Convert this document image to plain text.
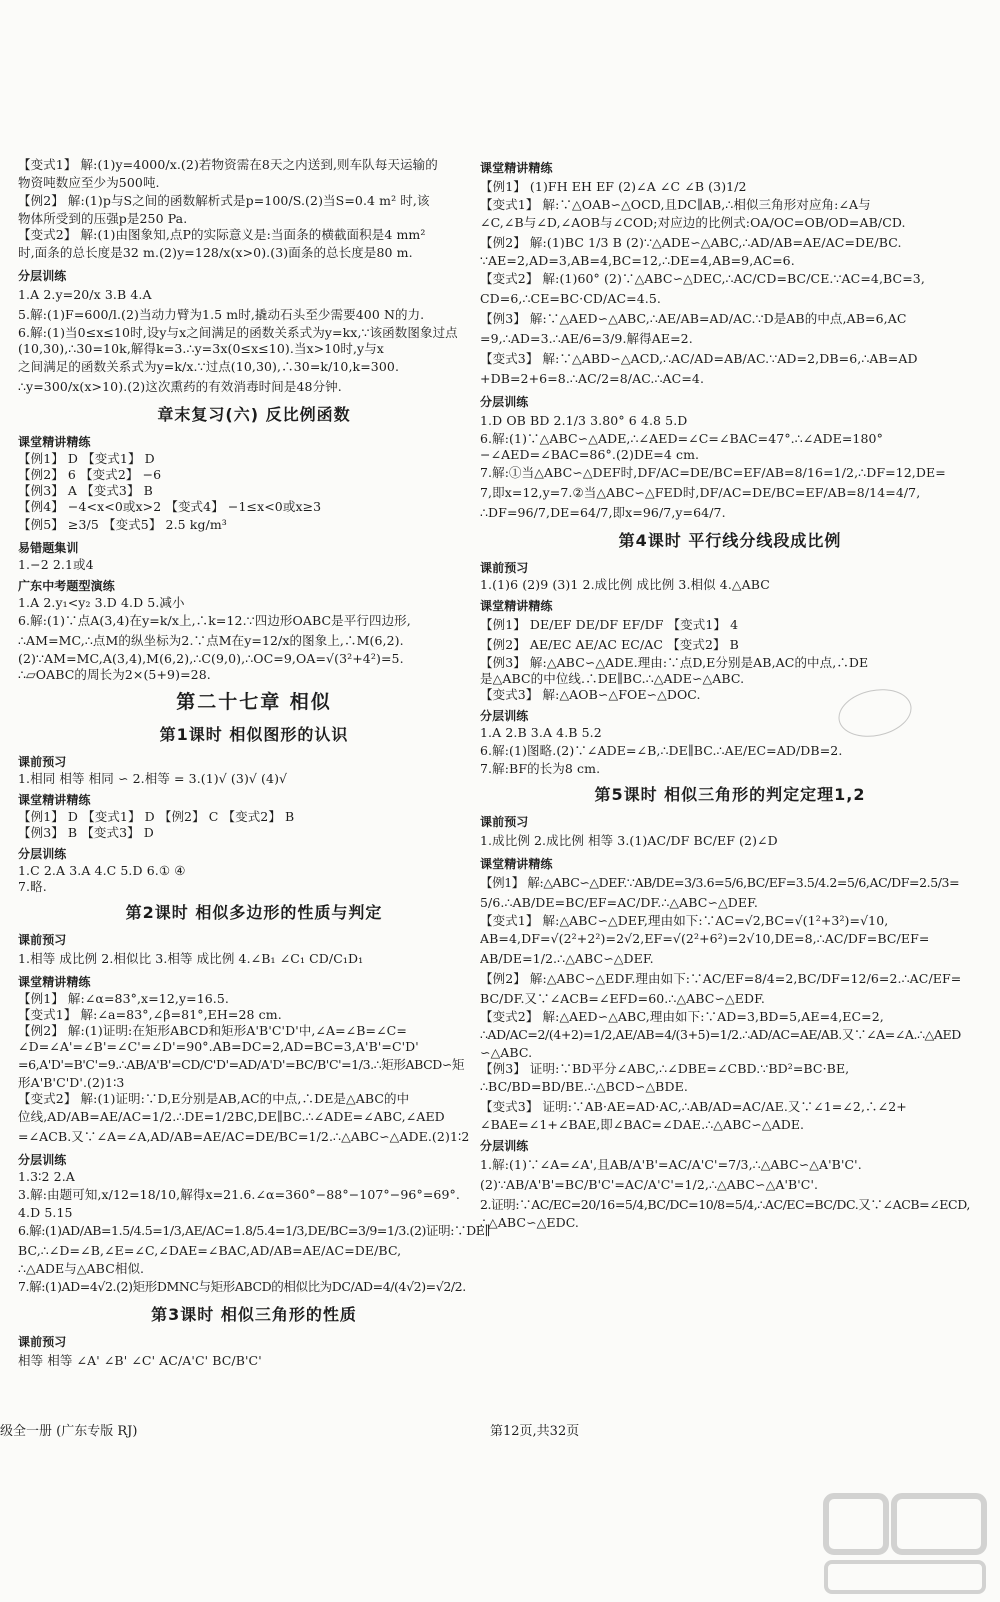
【变式1】 解:(1)y=4000/x.(2)若物资需在8天之内送到,则车队每天运输的
物资吨数应至少为500吨.
【例2】 解:(1)p与S之间的函数解析式是p=100/S.(2)当S=0.4 m² 时,该
物体所受到的压强p是250 Pa.
【变式2】 解:(1)由图象知,点P的实际意义是:当面条的横截面积是4 mm²
时,面条的总长度是32 m.(2)y=128/x(x>0).(3)面条的总长度是80 m.
分层训练
1.A 2.y=20/x 3.B 4.A
5.解:(1)F=600/l.(2)当动力臂为1.5 m时,撬动石头至少需要400 N的力.
6.解:(1)当0≤x≤10时,设y与x之间满足的函数关系式为y=kx,∵该函数图象过点
(10,30),∴30=10k,解得k=3.∴y=3x(0≤x≤10).当x>10时,y与x
之间满足的函数关系式为y=k/x.∵过点(10,30),∴30=k/10,k=300.
∴y=300/x(x>10).(2)这次熏药的有效消毒时间是48分钟.
章末复习(六) 反比例函数
课堂精讲精练
【例1】 D 【变式1】 D
【例2】 6 【变式2】 −6
【例3】 A 【变式3】 B
【例4】 −4<x<0或x>2 【变式4】 −1≤x<0或x≥3
【例5】 ≥3/5 【变式5】 2.5 kg/m³
易错题集训
1.−2 2.1或4
广东中考题型演练
1.A 2.y₁<y₂ 3.D 4.D 5.减小
6.解:(1)∵点A(3,4)在y=k/x上,∴k=12.∵四边形OABC是平行四边形,
∴AM=MC,∴点M的纵坐标为2.∵点M在y=12/x的图象上,∴M(6,2).
(2)∵AM=MC,A(3,4),M(6,2),∴C(9,0),∴OC=9,OA=√(3²+4²)=5.
∴▱OABC的周长为2×(5+9)=28.
第二十七章 相似
第1课时 相似图形的认识
课前预习
1.相同 相等 相同 ∽ 2.相等 = 3.(1)√ (3)√ (4)√
课堂精讲精练
【例1】 D 【变式1】 D 【例2】 C 【变式2】 B
【例3】 B 【变式3】 D
分层训练
1.C 2.A 3.A 4.C 5.D 6.① ④
7.略.
第2课时 相似多边形的性质与判定
课前预习
1.相等 成比例 2.相似比 3.相等 成比例 4.∠B₁ ∠C₁ CD/C₁D₁
课堂精讲精练
【例1】 解:∠α=83°,x=12,y=16.5.
【变式1】 解:∠a=83°,∠β=81°,EH=28 cm.
【例2】 解:(1)证明:在矩形ABCD和矩形A'B'C'D'中,∠A=∠B=∠C=
∠D=∠A'=∠B'=∠C'=∠D'=90°.AB=DC=2,AD=BC=3,A'B'=C'D'
=6,A'D'=B'C'=9.∴AB/A'B'=CD/C'D'=AD/A'D'=BC/B'C'=1/3.∴矩形ABCD∽矩
形A'B'C'D'.(2)1∶3
【变式2】 解:(1)证明:∵D,E分别是AB,AC的中点,∴DE是△ABC的中
位线,AD/AB=AE/AC=1/2.∴DE=1/2BC,DE∥BC.∴∠ADE=∠ABC,∠AED
=∠ACB.又∵∠A=∠A,AD/AB=AE/AC=DE/BC=1/2.∴△ABC∽△ADE.(2)1∶2
分层训练
1.3∶2 2.A
3.解:由题可知,x/12=18/10,解得x=21.6.∠α=360°−88°−107°−96°=69°.
4.D 5.15
6.解:(1)AD/AB=1.5/4.5=1/3,AE/AC=1.8/5.4=1/3,DE/BC=3/9=1/3.(2)证明:∵DE∥
BC,∴∠D=∠B,∠E=∠C,∠DAE=∠BAC,AD/AB=AE/AC=DE/BC,
∴△ADE与△ABC相似.
7.解:(1)AD=4√2.(2)矩形DMNC与矩形ABCD的相似比为DC/AD=4/(4√2)=√2/2.
第3课时 相似三角形的性质
课前预习
相等 相等 ∠A' ∠B' ∠C' AC/A'C' BC/B'C'
课堂精讲精练
【例1】 (1)FH EH EF (2)∠A ∠C ∠B (3)1/2
【变式1】 解:∵△OAB∽△OCD,且DC∥AB,∴相似三角形对应角:∠A与
∠C,∠B与∠D,∠AOB与∠COD;对应边的比例式:OA/OC=OB/OD=AB/CD.
【例2】 解:(1)BC 1/3 B (2)∵△ADE∽△ABC,∴AD/AB=AE/AC=DE/BC.
∵AE=2,AD=3,AB=4,BC=12,∴DE=4,AB=9,AC=6.
【变式2】 解:(1)60° (2)∵△ABC∽△DEC,∴AC/CD=BC/CE.∵AC=4,BC=3,
CD=6,∴CE=BC·CD/AC=4.5.
【例3】 解:∵△AED∽△ABC,∴AE/AB=AD/AC.∵D是AB的中点,AB=6,AC
=9,∴AD=3.∴AE/6=3/9.解得AE=2.
【变式3】 解:∵△ABD∽△ACD,∴AC/AD=AB/AC.∵AD=2,DB=6,∴AB=AD
+DB=2+6=8.∴AC/2=8/AC.∴AC=4.
分层训练
1.D OB BD 2.1/3 3.80° 6 4.8 5.D
6.解:(1)∵△ABC∽△ADE,∴∠AED=∠C=∠BAC=47°.∴∠ADE=180°
−∠AED=∠BAC=86°.(2)DE=4 cm.
7.解:①当△ABC∽△DEF时,DF/AC=DE/BC=EF/AB=8/16=1/2,∴DF=12,DE=
7,即x=12,y=7.②当△ABC∽△FED时,DF/AC=DE/BC=EF/AB=8/14=4/7,
∴DF=96/7,DE=64/7,即x=96/7,y=64/7.
第4课时 平行线分线段成比例
课前预习
1.(1)6 (2)9 (3)1 2.成比例 成比例 3.相似 4.△ABC
课堂精讲精练
【例1】 DE/EF DE/DF EF/DF 【变式1】 4
【例2】 AE/EC AE/AC EC/AC 【变式2】 B
【例3】 解:△ABC∽△ADE.理由:∵点D,E分别是AB,AC的中点,∴DE
是△ABC的中位线.∴DE∥BC.∴△ADE∽△ABC.
【变式3】 解:△AOB∽△FOE∽△DOC.
分层训练
1.A 2.B 3.A 4.B 5.2
6.解:(1)图略.(2)∵∠ADE=∠B,∴DE∥BC.∴AE/EC=AD/DB=2.
7.解:BF的长为8 cm.
第5课时 相似三角形的判定定理1,2
课前预习
1.成比例 2.成比例 相等 3.(1)AC/DF BC/EF (2)∠D
课堂精讲精练
【例1】 解:△ABC∽△DEF.∵AB/DE=3/3.6=5/6,BC/EF=3.5/4.2=5/6,AC/DF=2.5/3=
5/6.∴AB/DE=BC/EF=AC/DF.∴△ABC∽△DEF.
【变式1】 解:△ABC∽△DEF,理由如下:∵AC=√2,BC=√(1²+3²)=√10,
AB=4,DF=√(2²+2²)=2√2,EF=√(2²+6²)=2√10,DE=8,∴AC/DF=BC/EF=
AB/DE=1/2.∴△ABC∽△DEF.
【例2】 解:△ABC∽△EDF.理由如下:∵AC/EF=8/4=2,BC/DF=12/6=2.∴AC/EF=
BC/DF.又∵∠ACB=∠EFD=60.∴△ABC∽△EDF.
【变式2】 解:△AED∽△ABC,理由如下:∵AD=3,BD=5,AE=4,EC=2,
∴AD/AC=2/(4+2)=1/2,AE/AB=4/(3+5)=1/2.∴AD/AC=AE/AB.又∵∠A=∠A.∴△AED
∽△ABC.
【例3】 证明:∵BD平分∠ABC,∴∠DBE=∠CBD.∵BD²=BC·BE,
∴BC/BD=BD/BE.∴△BCD∽△BDE.
【变式3】 证明:∵AB·AE=AD·AC,∴AB/AD=AC/AE.又∵∠1=∠2,∴∠2+
∠BAE=∠1+∠BAE,即∠BAC=∠DAE.∴△ABC∽△ADE.
分层训练
1.解:(1)∵∠A=∠A',且AB/A'B'=AC/A'C'=7/3,∴△ABC∽△A'B'C'.
(2)∵AB/A'B'=BC/B'C'=AC/A'C'=1/2,∴△ABC∽△A'B'C'.
2.证明:∵AC/EC=20/16=5/4,BC/DC=10/8=5/4,∴AC/EC=BC/DC.又∵∠ACB=∠ECD,
∴△ABC∽△EDC.
级全一册 (广东专版 RJ)	第12页,共32页
